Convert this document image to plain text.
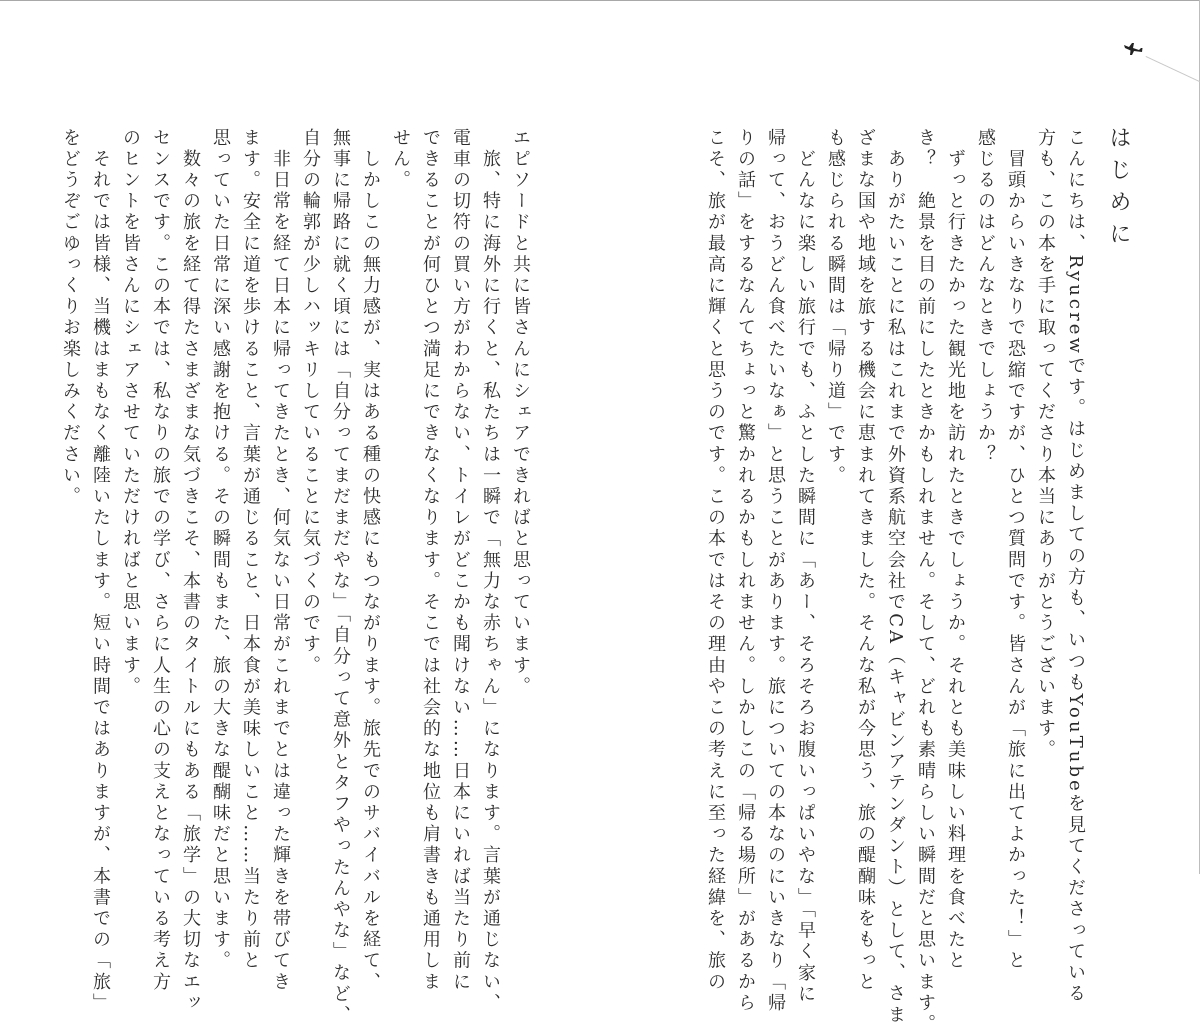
はじめに
こんにちは、Ryucrewです。はじめましての方も、いつもYouTubeを見てくださっている
方も、この本を手に取ってくださり本当にありがとうございます。
　冒頭からいきなりで恐縮ですが、ひとつ質問です。皆さんが「旅に出てよかった！」と
感じるのはどんなときでしょうか？
　ずっと行きたかった観光地を訪れたときでしょうか。それとも美味しい料理を食べたと
き？　絶景を目の前にしたときかもしれません。そして、どれも素晴らしい瞬間だと思います。
　ありがたいことに私はこれまで外資系航空会社でCA（キャビンアテンダント）として、さま
ざまな国や地域を旅する機会に恵まれてきました。そんな私が今思う、旅の醍醐味をもっと
も感じられる瞬間は「帰り道」です。
　どんなに楽しい旅行でも、ふとした瞬間に「あー、そろそろお腹いっぱいやな」「早く家に
帰って、おうどん食べたいなぁ」と思うことがあります。旅についての本なのにいきなり「帰
りの話」をするなんてちょっと驚かれるかもしれません。しかしこの「帰る場所」があるから
こそ、旅が最高に輝くと思うのです。この本ではその理由やこの考えに至った経緯を、旅の
エピソードと共に皆さんにシェアできればと思っています。
　旅、特に海外に行くと、私たちは一瞬で「無力な赤ちゃん」になります。言葉が通じない、
電車の切符の買い方がわからない、トイレがどこかも聞けない……日本にいれば当たり前に
できることが何ひとつ満足にできなくなります。そこでは社会的な地位も肩書きも通用しま
せん。
　しかしこの無力感が、実はある種の快感にもつながります。旅先でのサバイバルを経て、
無事に帰路に就く頃には「自分ってまだまだやな」「自分って意外とタフやったんやな」など、
自分の輪郭が少しハッキリしていることに気づくのです。
　非日常を経て日本に帰ってきたとき、何気ない日常がこれまでとは違った輝きを帯びてき
ます。安全に道を歩けること、言葉が通じること、日本食が美味しいこと……当たり前と
思っていた日常に深い感謝を抱ける。その瞬間もまた、旅の大きな醍醐味だと思います。
　数々の旅を経て得たさまざまな気づきこそ、本書のタイトルにもある「旅学」の大切なエッ
センスです。この本では、私なりの旅での学び、さらに人生の心の支えとなっている考え方
のヒントを皆さんにシェアさせていただければと思います。
　それでは皆様、当機はまもなく離陸いたします。短い時間ではありますが、本書での「旅」
をどうぞごゆっくりお楽しみください。
